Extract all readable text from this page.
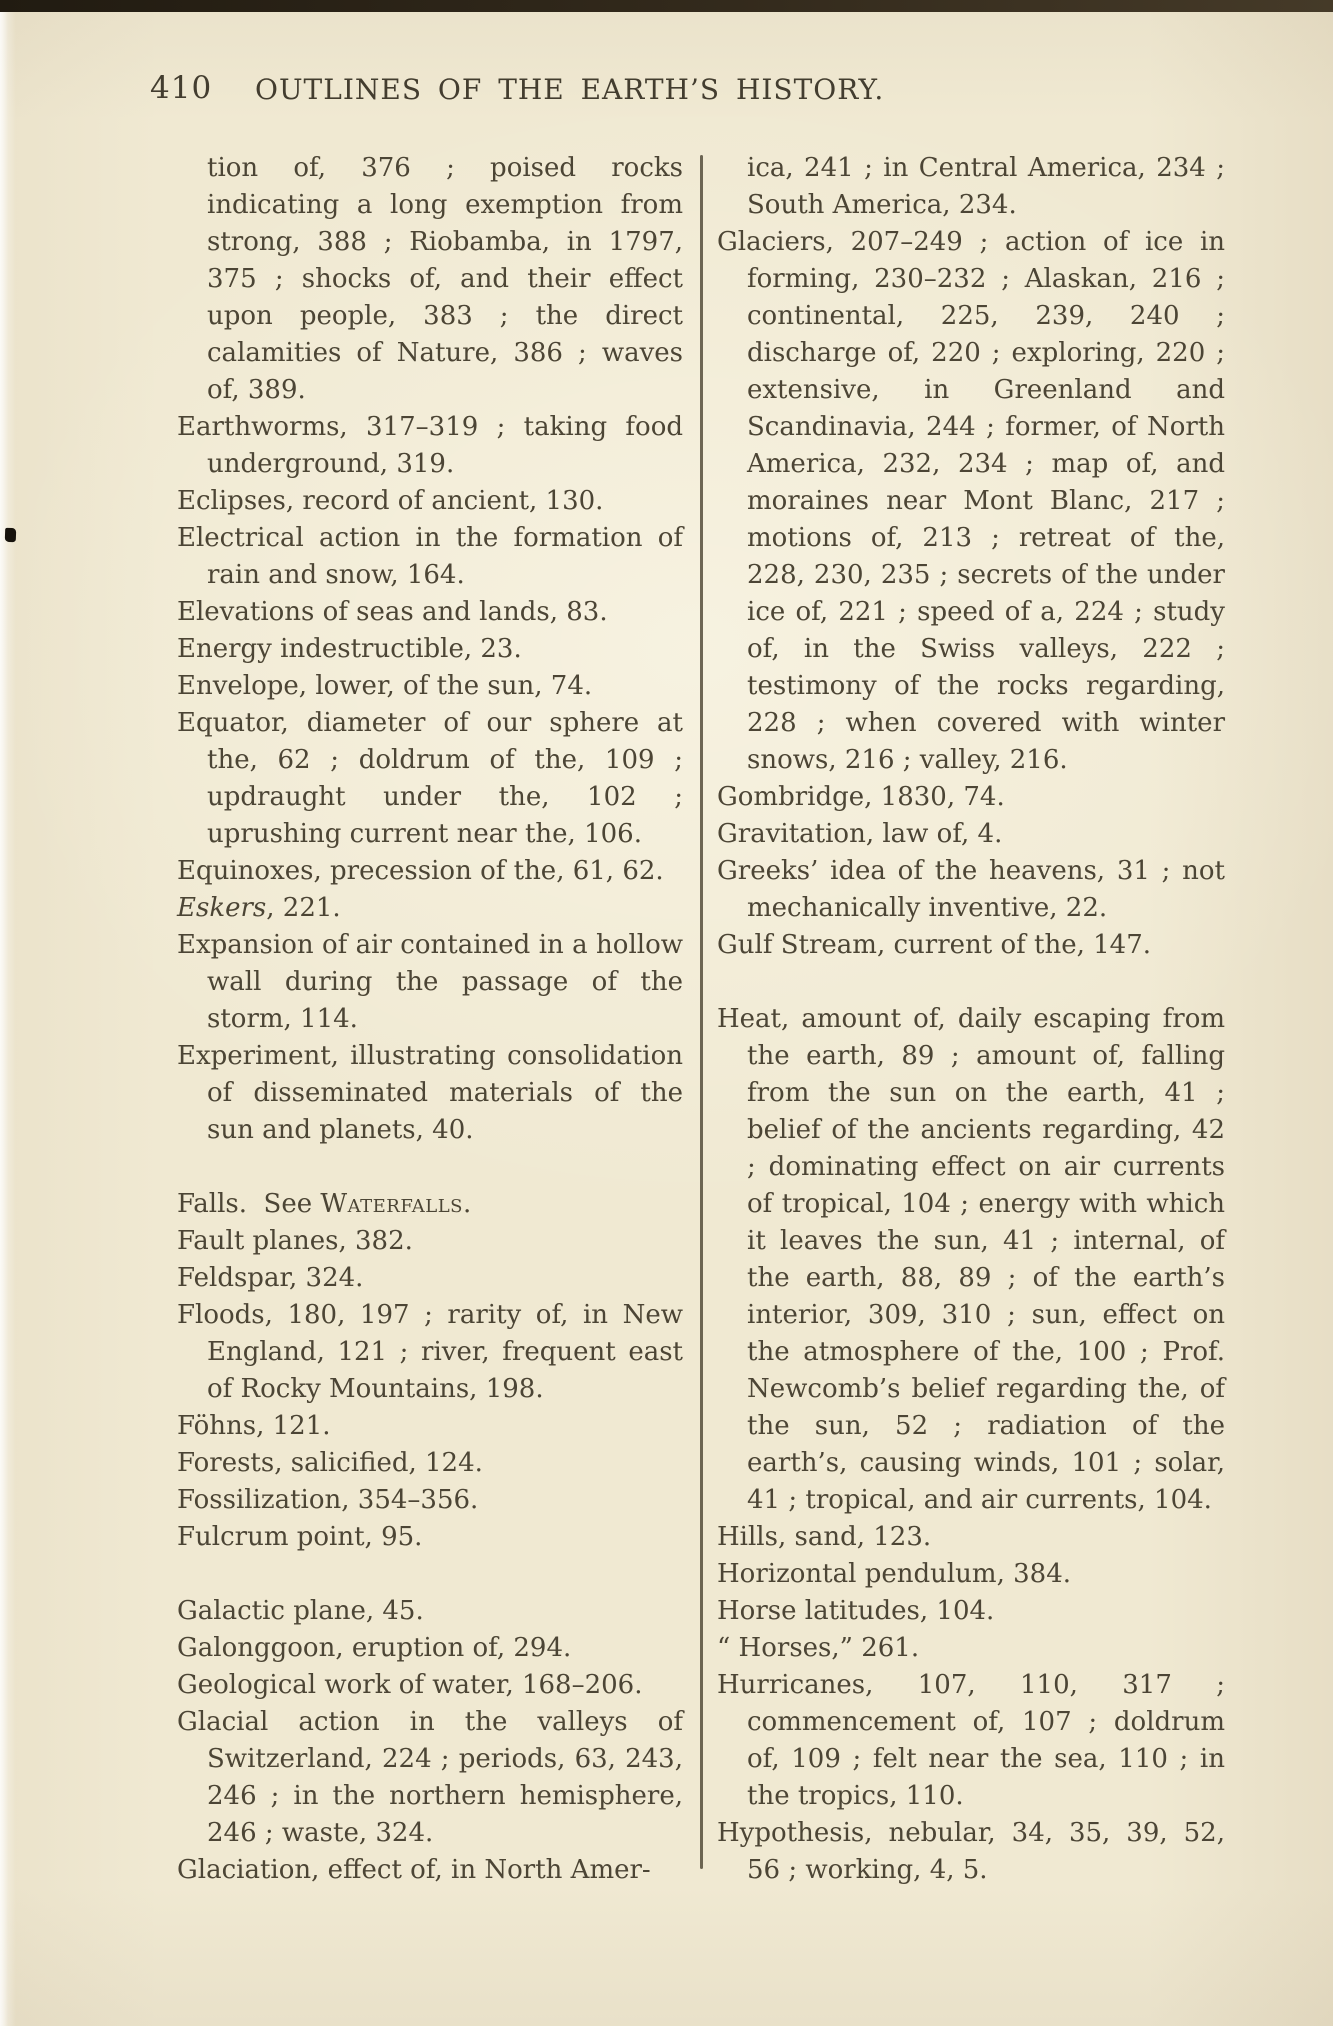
410 OUTLINES OF THE EARTH’S HISTORY.
tion of, 376 ; poised rocks indicating a long exemption from strong, 388 ; Riobamba, in 1797, 375 ; shocks of, and their effect upon people, 383 ; the direct calamities of Nature, 386 ; waves of, 389.
Earthworms, 317–319 ; taking food underground, 319.
Eclipses, record of ancient, 130.
Electrical action in the formation of rain and snow, 164.
Elevations of seas and lands, 83.
Energy indestructible, 23.
Envelope, lower, of the sun, 74.
Equator, diameter of our sphere at the, 62 ; doldrum of the, 109 ; updraught under the, 102 ; uprushing current near the, 106.
Equinoxes, precession of the, 61, 62.
Eskers, 221.
Expansion of air contained in a hollow wall during the passage of the storm, 114.
Experiment, illustrating consolidation of disseminated materials of the sun and planets, 40.
Falls.  See Waterfalls.
Fault planes, 382.
Feldspar, 324.
Floods, 180, 197 ; rarity of, in New England, 121 ; river, frequent east of Rocky Mountains, 198.
Föhns, 121.
Forests, salicified, 124.
Fossilization, 354–356.
Fulcrum point, 95.
Galactic plane, 45.
Galonggoon, eruption of, 294.
Geological work of water, 168–206.
Glacial action in the valleys of Switzerland, 224 ; periods, 63, 243, 246 ; in the northern hemisphere, 246 ; waste, 324.
Glaciation, effect of, in North Amer-
ica, 241 ; in Central America, 234 ; South America, 234.
Glaciers, 207–249 ; action of ice in forming, 230–232 ; Alaskan, 216 ; continental, 225, 239, 240 ; discharge of, 220 ; exploring, 220 ; extensive, in Greenland and Scandinavia, 244 ; former, of North America, 232, 234 ; map of, and moraines near Mont Blanc, 217 ; motions of, 213 ; retreat of the, 228, 230, 235 ; secrets of the under ice of, 221 ; speed of a, 224 ; study of, in the Swiss valleys, 222 ; testimony of the rocks regarding, 228 ; when covered with winter snows, 216 ; valley, 216.
Gombridge, 1830, 74.
Gravitation, law of, 4.
Greeks’ idea of the heavens, 31 ; not mechanically inventive, 22.
Gulf Stream, current of the, 147.
Heat, amount of, daily escaping from the earth, 89 ; amount of, falling from the sun on the earth, 41 ; belief of the ancients regarding, 42 ; dominating effect on air currents of tropical, 104 ; energy with which it leaves the sun, 41 ; internal, of the earth, 88, 89 ; of the earth’s interior, 309, 310 ; sun, effect on the atmosphere of the, 100 ; Prof. Newcomb’s belief regarding the, of the sun, 52 ; radiation of the earth’s, causing winds, 101 ; solar, 41 ; tropical, and air currents, 104.
Hills, sand, 123.
Horizontal pendulum, 384.
Horse latitudes, 104.
“ Horses,” 261.
Hurricanes, 107, 110, 317 ; commencement of, 107 ; doldrum of, 109 ; felt near the sea, 110 ; in the tropics, 110.
Hypothesis, nebular, 34, 35, 39, 52, 56 ; working, 4, 5.
